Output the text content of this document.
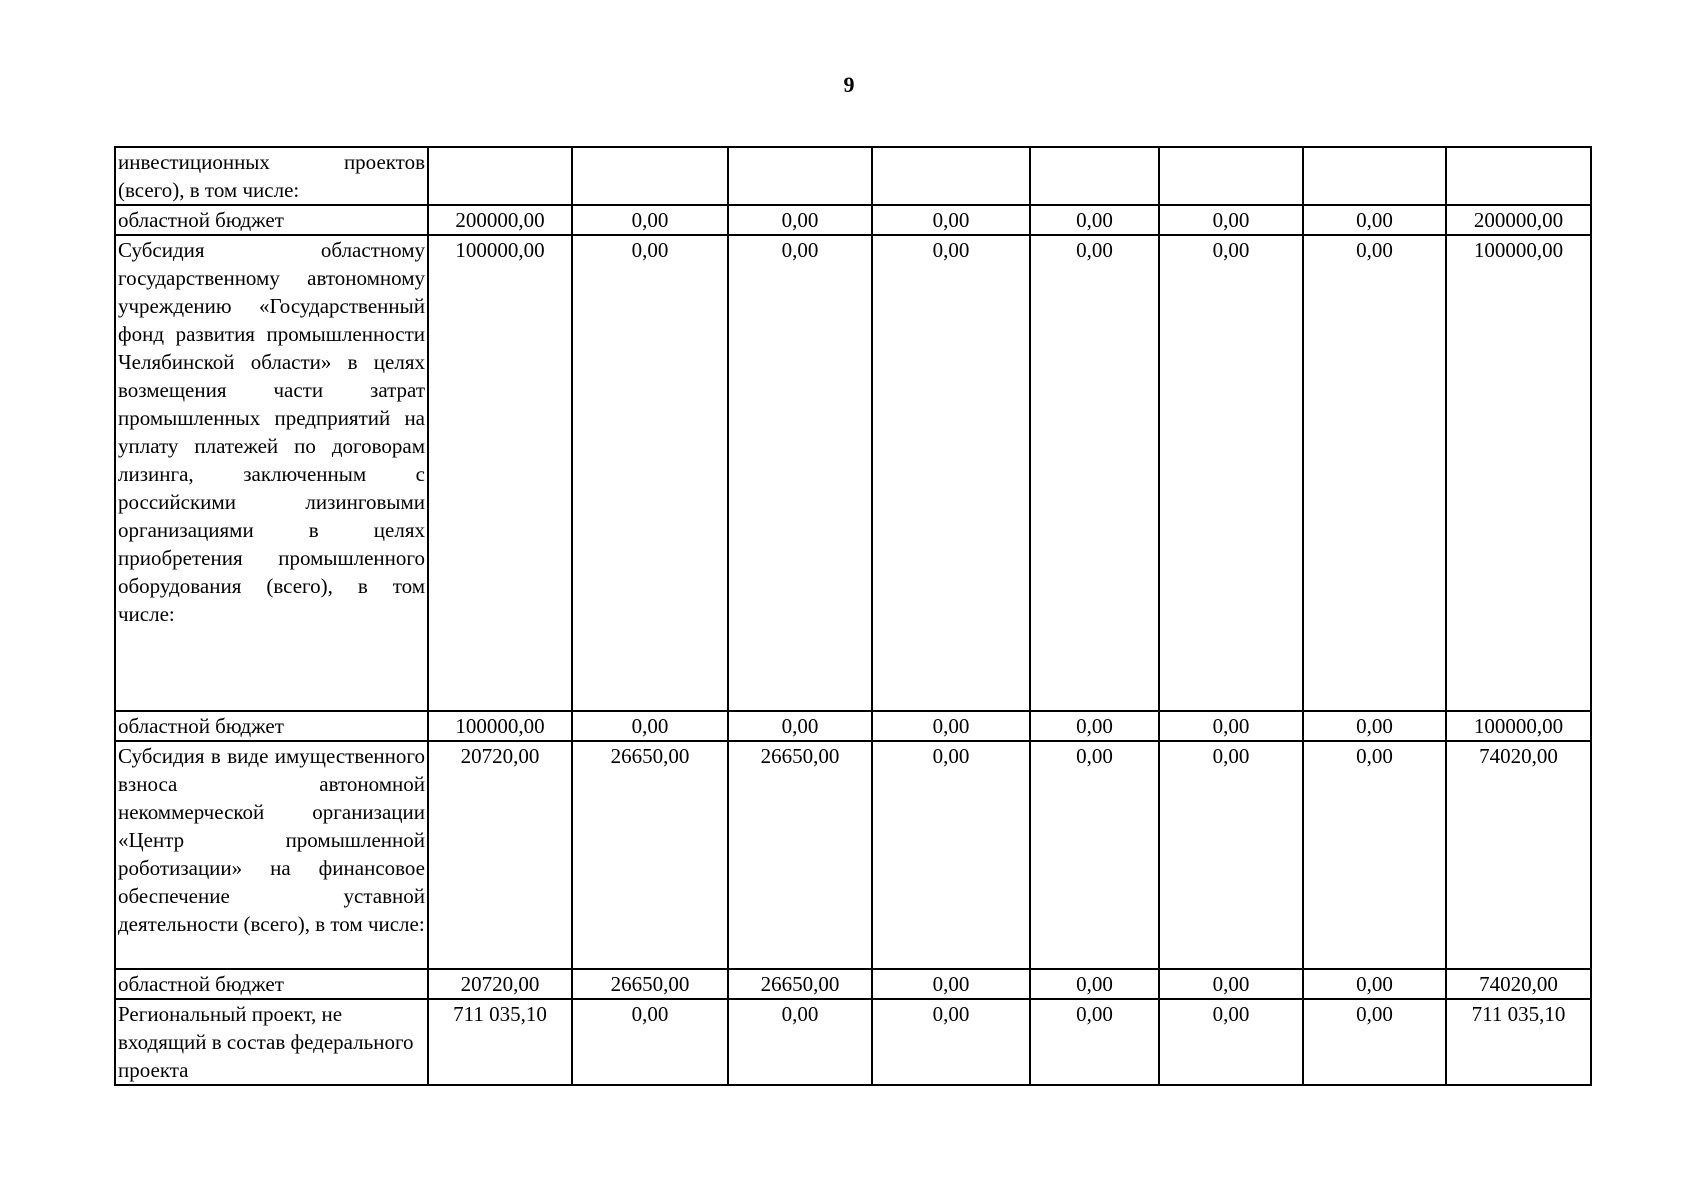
9
инвестиционных проектов (всего), в том числе:								
областной бюджет	200000,00	0,00	0,00	0,00	0,00	0,00	0,00	200000,00
Субсидия областному государственному автономному учреждению «Государственный фонд развития промышленности Челябинской области» в целях возмещения части затрат промышленных предприятий на уплату платежей по договорам лизинга, заключенным с российскими лизинговыми организациями в целях приобретения промышленного оборудования (всего), в том числе:	100000,00	0,00	0,00	0,00	0,00	0,00	0,00	100000,00
областной бюджет	100000,00	0,00	0,00	0,00	0,00	0,00	0,00	100000,00
Субсидия в виде имущественного взноса автономной некоммерческой организации «Центр промышленной роботизации» на финансовое обеспечение уставной деятельности (всего), в том числе:	20720,00	26650,00	26650,00	0,00	0,00	0,00	0,00	74020,00
областной бюджет	20720,00	26650,00	26650,00	0,00	0,00	0,00	0,00	74020,00
Региональный проект, не входящий в состав федерального проекта	711 035,10	0,00	0,00	0,00	0,00	0,00	0,00	711 035,10
